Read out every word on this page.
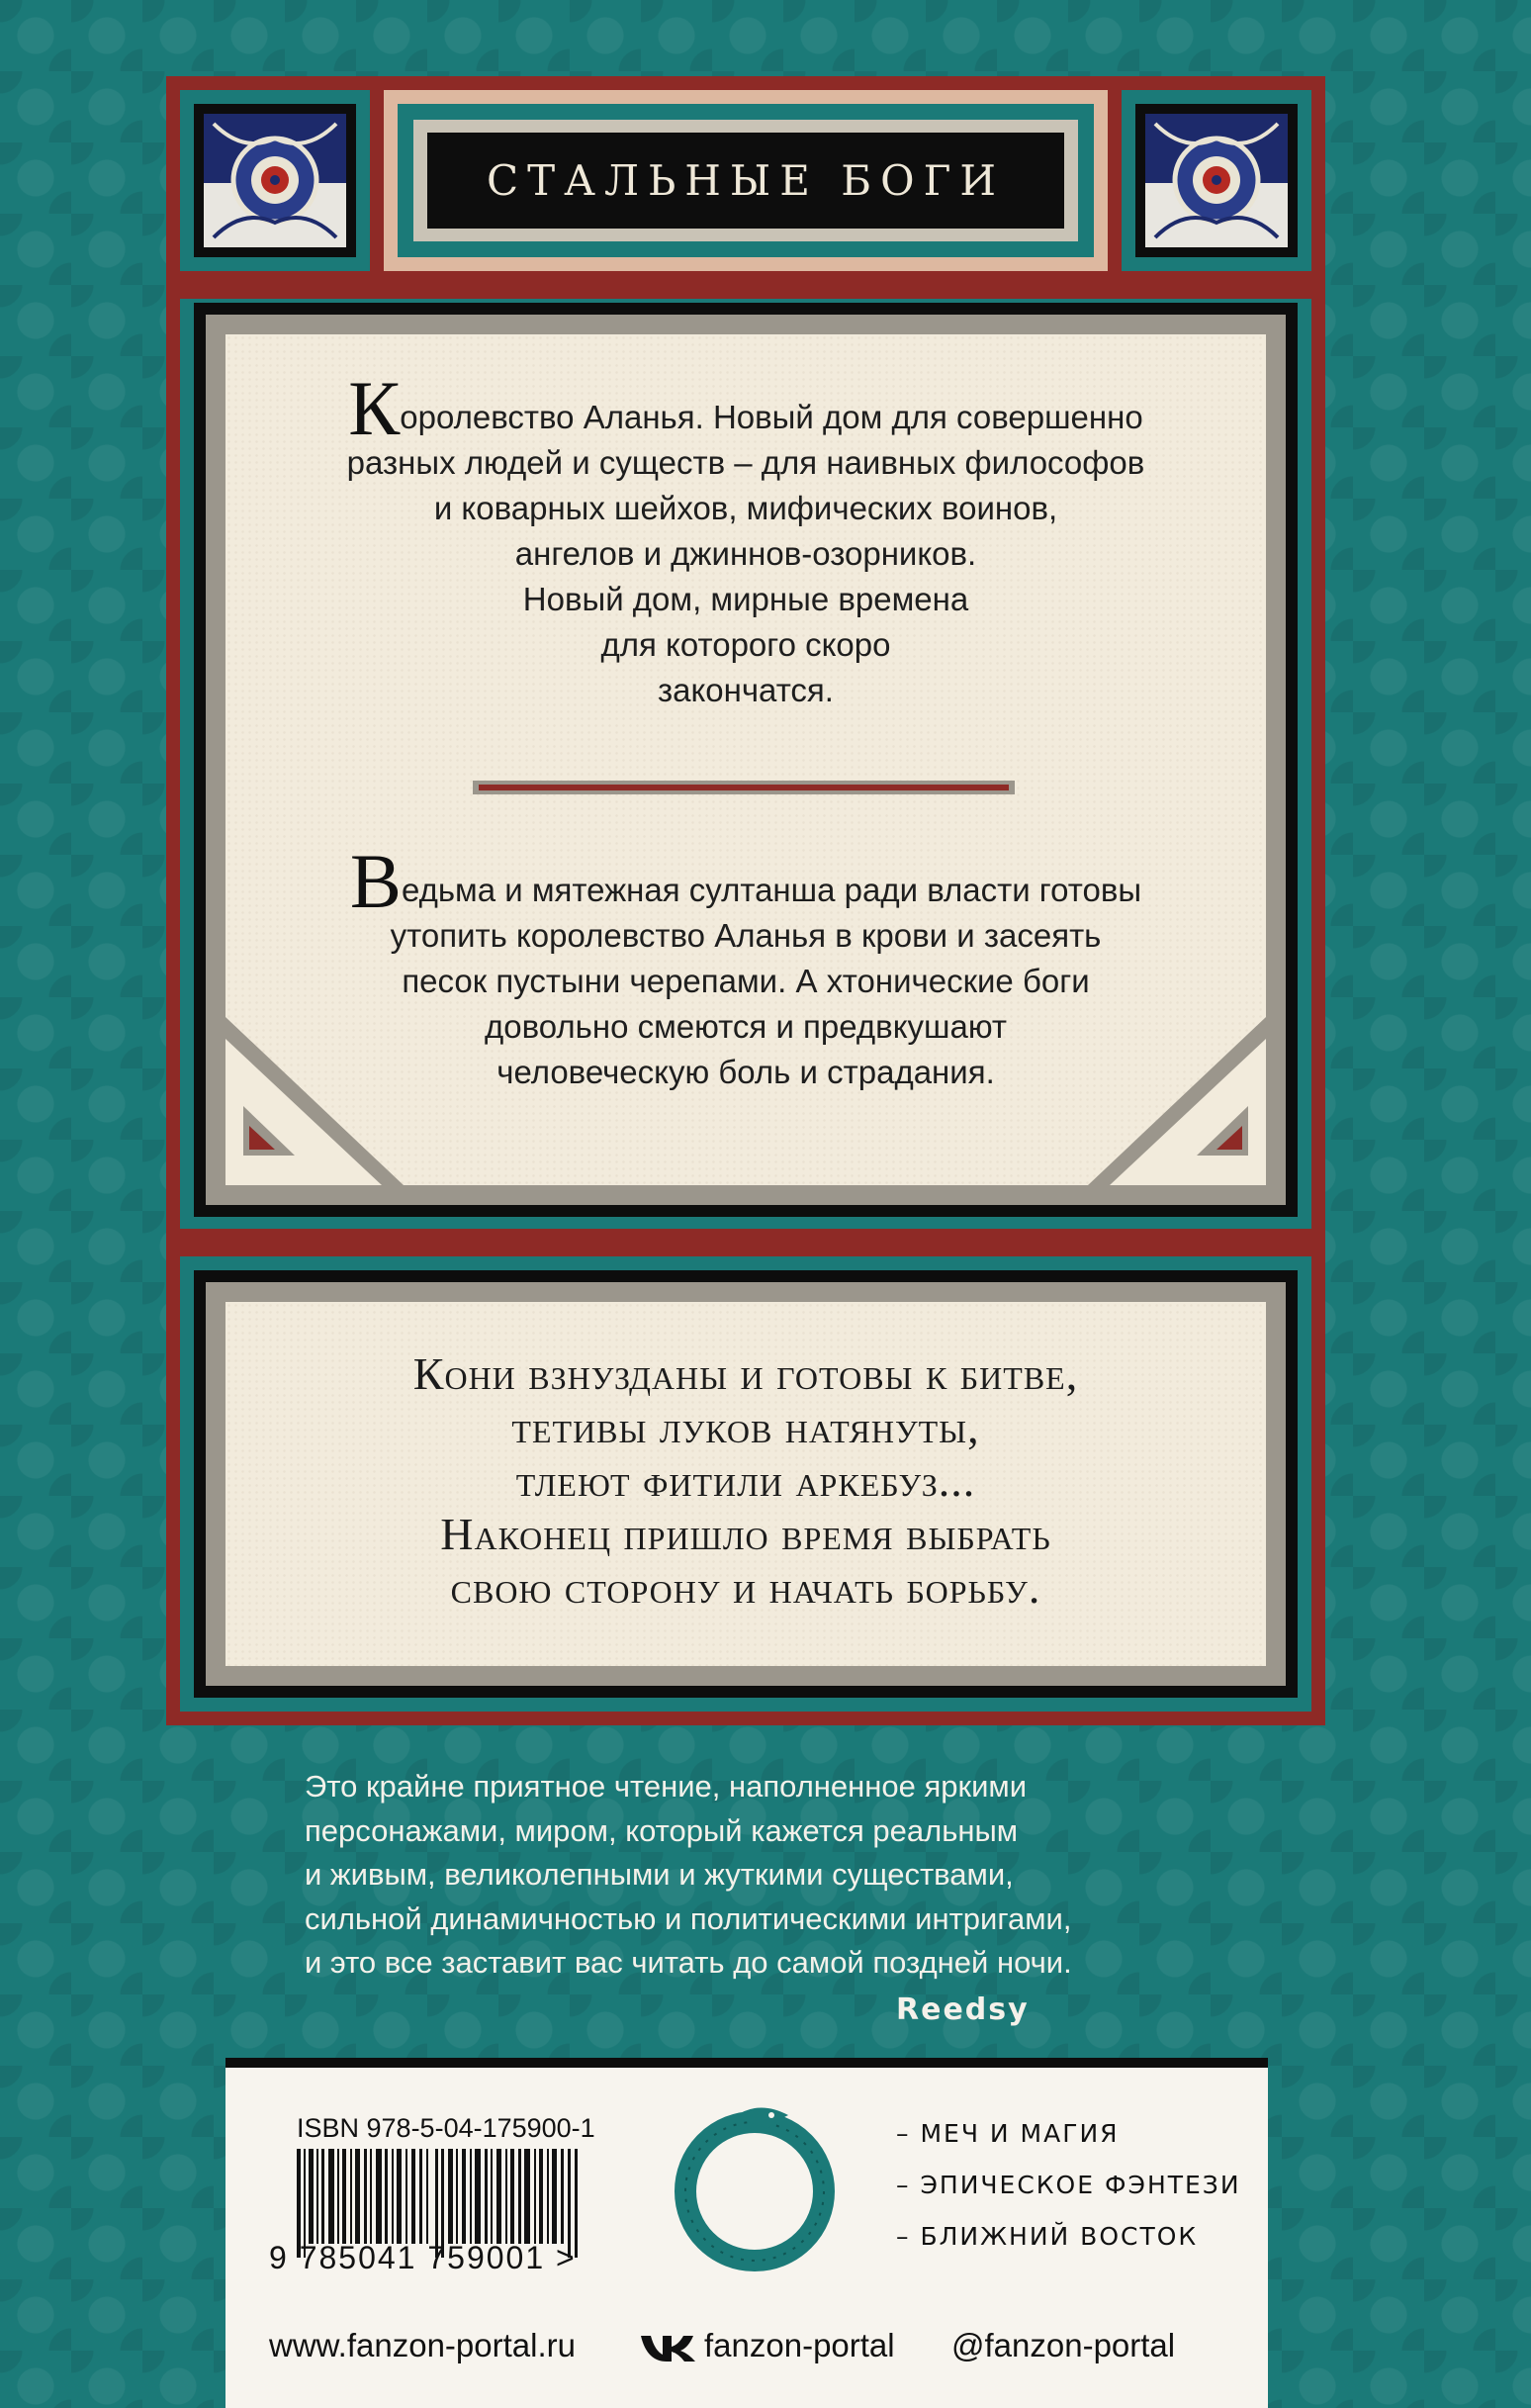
СТАЛЬНЫЕ БОГИ
Королевство Аланья. Новый дом для совершенно
разных людей и существ – для наивных философов
и коварных шейхов, мифических воинов,
ангелов и джиннов-озорников.
Новый дом, мирные времена
для которого скоро
закончатся.
Ведьма и мятежная султанша ради власти готовы
утопить королевство Аланья в крови и засеять
песок пустыни черепами. А хтонические боги
довольно смеются и предвкушают
человеческую боль и страдания.
Кони взнузданы и готовы к битве,
тетивы луков натянуты,
тлеют фитили аркебуз...
Наконец пришло время выбрать
свою сторону и начать борьбу.
Это крайне приятное чтение, наполненное яркими
персонажами, миром, который кажется реальным
и живым, великолепными и жуткими существами,
сильной динамичностью и политическими интригами,
и это все заставит вас читать до самой поздней ночи.
Reedsy
ISBN 978-5-04-175900-1
9 785041 759001 >
– МЕЧ И МАГИЯ
– ЭПИЧЕСКОЕ ФЭНТЕЗИ
– БЛИЖНИЙ ВОСТОК
www.fanzon-portal.ru	fanzon-portal @fanzon-portal
